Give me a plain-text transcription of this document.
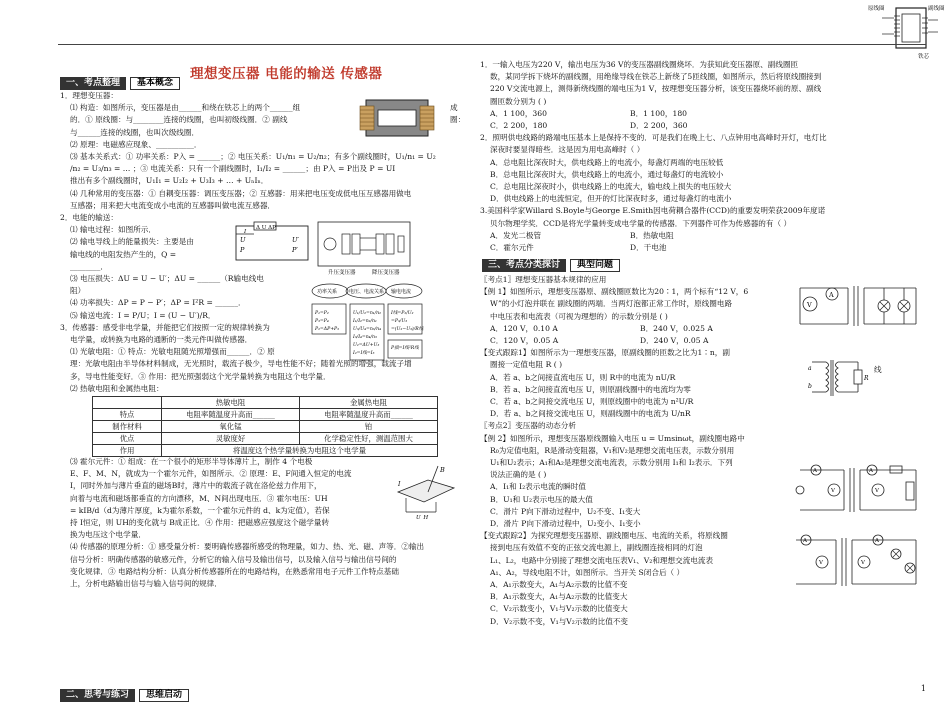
原线圈	副线圈
铁芯
理想变压器 电能的输送 传感器
一、考点整理	基本概念

1．理想变压器：

⑴ 构造：如图所示，变压器是由______和绕在铁芯上的两个______组

的．① 原线圈：与________连接的线圈，也叫初级线圈．② 副线

与______连接的线圈，也叫次级线圈．

⑵ 原理：电磁感应现象、__________．

⑶ 基本关系式：① 功率关系：P入 = ______；② 电压关系：U₁/n₁ = U₂/n₂；有多个副线圈时，U₁/n₁ = U₂

/n₂ = U₃/n₃ = … ；③ 电流关系：只有一个副线圈时，I₁/I₂ = ______；由 P入 = P出及 P = UI

推出有多个副线圈时，U₁I₁ = U₂I₂ + U₃I₃ + … + UₙIₙ．

⑷ 几种常用的变压器：① 自耦变压器：调压变压器；② 互感器：用来把电压变成低电压互感器用做电

互感器；用来把大电流变成小电流的互感器叫做电流互感器．

2．电能的输送：

⑴ 输电过程：如图所示．

⑵ 输电导线上的能量损失：主要是由

输电线的电阻发热产生的，Q =

________．

⑶ 电压损失：ΔU = U − U′；ΔU = ______（R输电线电

阻）

⑷ 功率损失：ΔP = P − P′；ΔP = I²R = ______．

⑸ 输送电流：I = P/U；I = (U − U′)/R．

3．传感器：感受非电学量，并能把它们按照一定的规律转换为

电学量，或转换为电路的通断的一类元件叫做传感器．

⑴ 光敏电阻：① 特点：光敏电阻随光照增强而______．② 原

理：光敏电阻由半导体材料制成，无光照时，载流子极少，导电性能不好；随着光照的增强，载流子增

多，导电性能变好．③ 作用：把光照强弱这个光学量转换为电阻这个电学量．

⑵ 热敏电阻和金属热电阻：

成
圈：
Δ U ΔP
U
P
U′
P′
I
升压变压器	降压变压器
功率关系 电压、电流关系 输电电流
P₁=P₂
P₃=P₄
P₂=ΔP+P₃
U₁/U₂=n₁/n₂
I₁/I₂=n₂/n₁
U₃/U₄=n₃/n₄
I₃/I₄=n₄/n₃
U₂=ΔU+U₃
I₂=I线=I₃
I线=P₂/U₂
=P₃/U₃
=(U₂−U₃)/R线
P损=I线²R线
	热敏电阻	金属热电阻
特点	电阻率随温度升高而______	电阻率随温度升高而______
制作材料	氧化锰	铂
优点	灵敏度好	化学稳定性好，测温范围大
作用	将温度这个热学量转换为电阻这个电学量	

⑶ 霍尔元件：① 组成：在一个很小的矩形半导体薄片上，制作 4 个电极

E、F、M、N，就成为一个霍尔元件，如图所示．② 原理：E、F间通入恒定的电流

I，同时外加与薄片垂直的磁场B时，薄片中的载流子就在洛伦兹力作用下，

向着与电流和磁场都垂直的方向漂移，M、N间出现电压．③ 霍尔电压：UH

= kIB/d（d为薄片厚度，k为霍尔系数，一个霍尔元件的 d、k为定值），若保

持 I恒定，则 UH的变化就与 B成正比．④ 作用：把磁感应强度这个磁学量转

换为电压这个电学量．

⑷ 传感器的原理分析：① 感受量分析：要明确传感器所感受的物理量，如力、热、光、磁、声等．②输出

信号分析：明确传感器的敏感元件，分析它的输入信号及输出信号，以及输入信号与输出信号间的

变化规律．③ 电路结构分析：认真分析传感器所在的电路结构，在熟悉常用电子元件工作特点基础

上，分析电路输出信号与输入信号间的规律．

B
I
U_H
二、思考与练习	思维启动

1．一输入电压为220 V，输出电压为36 V的变压器副线圈烧坏．为获知此变压器原、副线圈匝

数，某同学拆下烧坏的副线圈，用绝缘导线在铁芯上新绕了5匝线圈，如图所示，然后将原线圈接到

220 V交流电源上，测得新绕线圈的端电压为1 V，按理想变压器分析，该变压器烧坏前的原、副线

圈匝数分别为 ( )

A．1 100，360	B．1 100，180

C．2 200，180	D．2 200，360

2．照明供电线路的路端电压基本上是保持不变的．可是我们在晚上七、八点钟用电高峰时开灯，电灯比

深夜时要显得暗些．这是因为用电高峰时（ ）

A．总电阻比深夜时大，供电线路上的电流小，每盏灯两端的电压较低

B．总电阻比深夜时大，供电线路上的电流小，通过每盏灯的电流较小

C．总电阻比深夜时小，供电线路上的电流大，输电线上损失的电压较大

D．供电线路上的电流恒定，但开的灯比深夜时多，通过每盏灯的电流小

3.美国科学家Willard S.Boyle与George E.Smith因电荷耦合器件(CCD)的重要发明荣获2009年度诺

贝尔物理学奖．CCD是将光学量转变成电学量的传感器．下列器件可作为传感器的有（ ）

A．发光二极管	B．热敏电阻

C．霍尔元件	D．干电池

三、考点分类探讨	典型问题

〖考点1〗理想变压器基本规律的应用

【例 1】如图所示，理想变压器原、副线圈匝数比为20∶1，两个标有“12 V，6

W”的小灯泡并联在 副线圈的两端．当两灯泡都正常工作时，原线圈电路

中电压表和电流表（可视为理想的）的示数分别是 ( )

A．120 V，0.10 A	B．240 V，0.025 A

C．120 V，0.05 A	D．240 V，0.05 A

【变式跟踪1】如图所示为一理想变压器，原副线圈的匝数之比为1∶n，副

圈接一定值电阻 R ( )

A．若 a、b之间接直流电压 U，则 R中的电流为 nU/R

B．若 a、b之间接直流电压 U，则原副线圈中的电流均为零

C．若 a、b之间接交流电压 U，则原线圈中的电流为 n²U/R

D．若 a、b之间接交流电压 U，则副线圈中的电流为 U/nR

〖考点2〗变压器的动态分析

【例 2】如图所示，理想变压器原线圈输入电压 u = Umsinωt，副线圈电路中

R₀为定值电阻，R是滑动变阻器，V₁和V₂是理想交流电压表，示数分别用

U₁和U₂表示；A₁和A₂是理想交流电流表，示数分别用 I₁和 I₂表示．下列

说法正确的是 ( )

A．I₁和 I₂表示电流的瞬时值

B．U₁和 U₂表示电压的最大值

C．滑片 P向下滑动过程中，U₂不变、I₁变大

D．滑片 P向下滑动过程中，U₂变小、I₁变小

【变式跟踪2】为探究理想变压器原、副线圈电压、电流的关系，将原线圈

接到电压有效值不变的正弦交流电源上，副线圈连接相同的灯泡

L₁、L₂，电路中分别接了理想交流电压表V₁、V₂和理想交流电流表

A₁、A₂，导线电阻不计，如图所示．当开关 S闭合后（ ）

A．A₁示数变大，A₁与A₂示数的比值不变

B．A₁示数变大，A₁与A₂示数的比值变大

C．V₂示数变小，V₁与V₂示数的比值变大

D．V₂示数不变，V₁与V₂示数的比值不变

线
V
A
a
b
R
A
V
A
V
A
V	V
A
1
